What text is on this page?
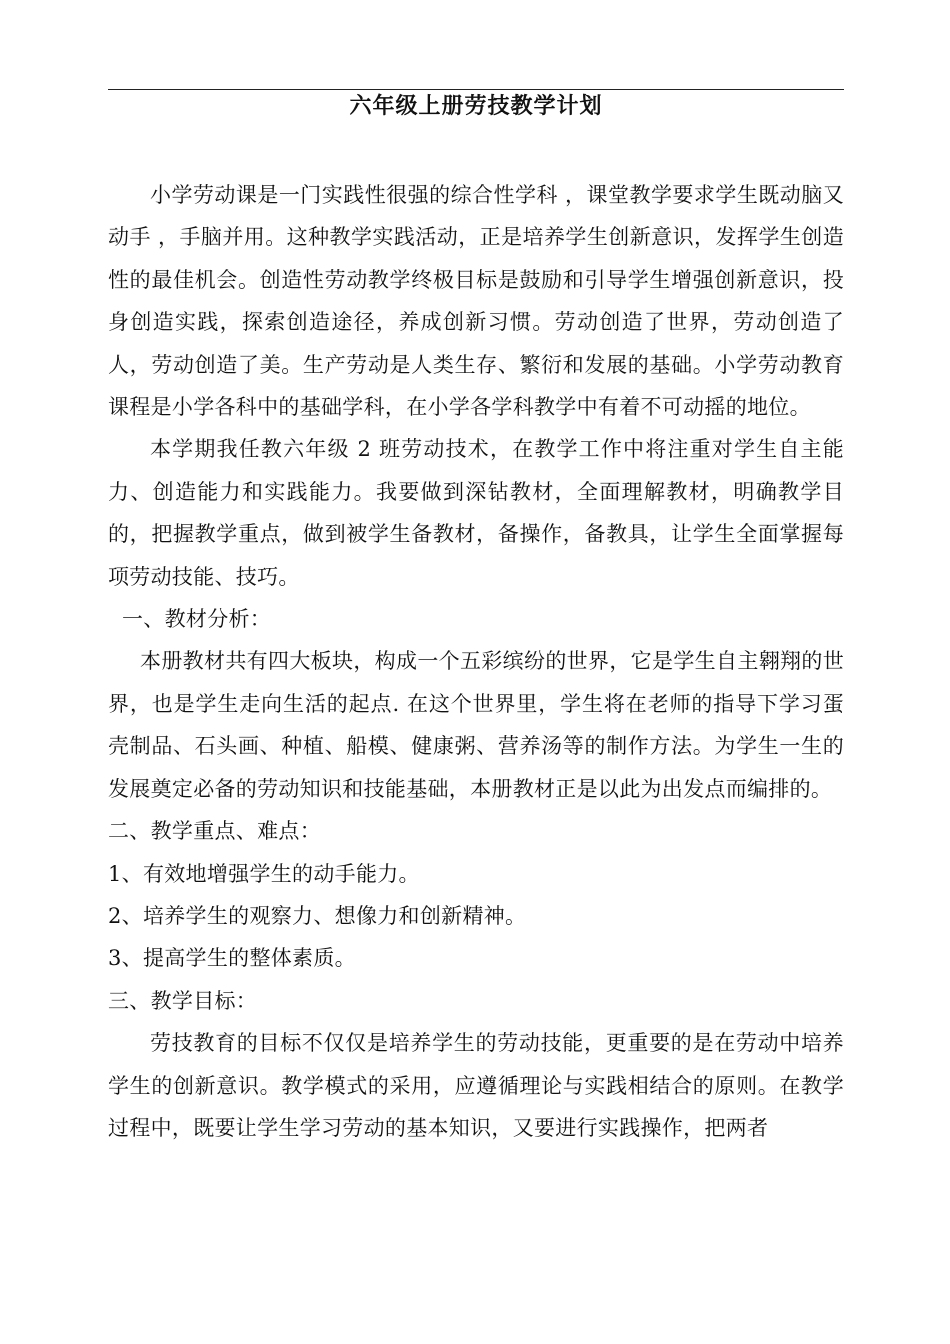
六年级上册劳技教学计划

小学劳动课是一门实践性很强的综合性学科 ，课堂教学要求学生既动脑又动手 ，手脑并用。这种教学实践活动，正是培养学生创新意识，发挥学生创造性的最佳机会。创造性劳动教学终极目标是鼓励和引导学生增强创新意识，投身创造实践，探索创造途径，养成创新习惯。劳动创造了世界，劳动创造了人，劳动创造了美。生产劳动是人类生存、繁衍和发展的基础。小学劳动教育课程是小学各科中的基础学科，在小学各学科教学中有着不可动摇的地位。

本学期我任教六年级 2 班劳动技术，在教学工作中将注重对学生自主能力、创造能力和实践能力。我要做到深钻教材，全面理解教材，明确教学目的，把握教学重点，做到被学生备教材，备操作，备教具，让学生全面掌握每项劳动技能、技巧。

一、教材分析：

本册教材共有四大板块，构成一个五彩缤纷的世界，它是学生自主翱翔的世界，也是学生走向生活的起点. 在这个世界里，学生将在老师的指导下学习蛋壳制品、石头画、种植、船模、健康粥、营养汤等的制作方法。为学生一生的发展奠定必备的劳动知识和技能基础，本册教材正是以此为出发点而编排的。

二、教学重点、难点：

1、有效地增强学生的动手能力。

2、培养学生的观察力、想像力和创新精神。

3、提高学生的整体素质。

三、教学目标：

劳技教育的目标不仅仅是培养学生的劳动技能，更重要的是在劳动中培养学生的创新意识。教学模式的采用，应遵循理论与实践相结合的原则。在教学过程中，既要让学生学习劳动的基本知识，又要进行实践操作，把两者
